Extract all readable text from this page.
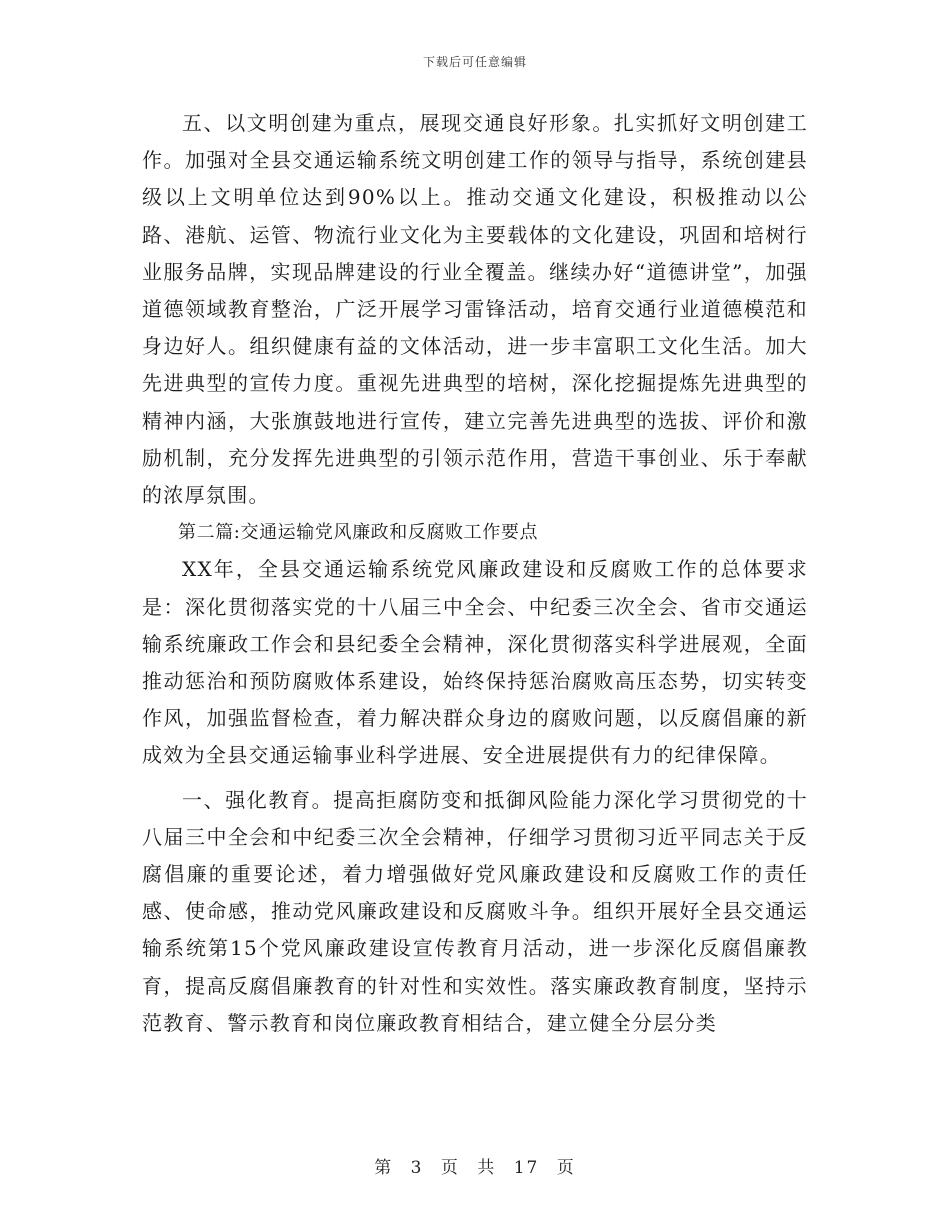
下载后可任意编辑

五、以文明创建为重点，展现交通良好形象。扎实抓好文明创建工作。加强对全县交通运输系统文明创建工作的领导与指导，系统创建县级以上文明单位达到90%以上。推动交通文化建设，积极推动以公路、港航、运管、物流行业文化为主要载体的文化建设，巩固和培树行业服务品牌，实现品牌建设的行业全覆盖。继续办好“道德讲堂”，加强道德领域教育整治，广泛开展学习雷锋活动，培育交通行业道德模范和身边好人。组织健康有益的文体活动，进一步丰富职工文化生活。加大先进典型的宣传力度。重视先进典型的培树，深化挖掘提炼先进典型的精神内涵，大张旗鼓地进行宣传，建立完善先进典型的选拔、评价和激励机制，充分发挥先进典型的引领示范作用，营造干事创业、乐于奉献的浓厚氛围。

第二篇:交通运输党风廉政和反腐败工作要点

XX年，全县交通运输系统党风廉政建设和反腐败工作的总体要求是：深化贯彻落实党的十八届三中全会、中纪委三次全会、省市交通运输系统廉政工作会和县纪委全会精神，深化贯彻落实科学进展观，全面推动惩治和预防腐败体系建设，始终保持惩治腐败高压态势，切实转变作风，加强监督检查，着力解决群众身边的腐败问题，以反腐倡廉的新成效为全县交通运输事业科学进展、安全进展提供有力的纪律保障。

一、强化教育。提高拒腐防变和抵御风险能力深化学习贯彻党的十八届三中全会和中纪委三次全会精神，仔细学习贯彻习近平同志关于反腐倡廉的重要论述，着力增强做好党风廉政建设和反腐败工作的责任感、使命感，推动党风廉政建设和反腐败斗争。组织开展好全县交通运输系统第15个党风廉政建设宣传教育月活动，进一步深化反腐倡廉教育，提高反腐倡廉教育的针对性和实效性。落实廉政教育制度，坚持示范教育、警示教育和岗位廉政教育相结合，建立健全分层分类

第 3 页 共 17 页
